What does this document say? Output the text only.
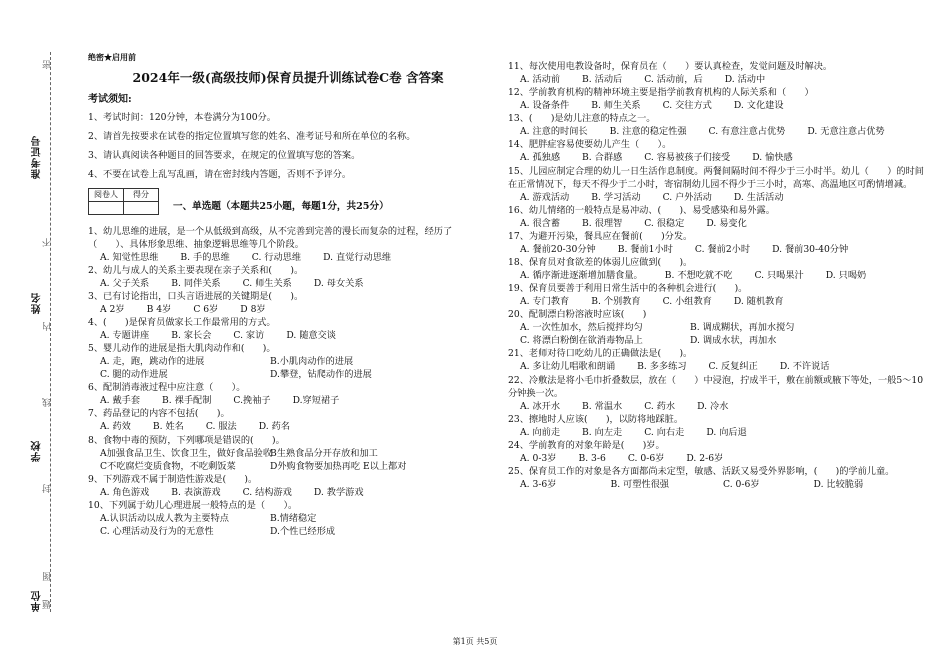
准考证号
姓名
学校
单位
密
不
内
线
封
图
题
绝密★启用前
2024年一级(高级技师)保育员提升训练试卷C卷 含答案
考试须知:

1、考试时间：120分钟，本卷满分为100分。

2、请首先按要求在试卷的指定位置填写您的姓名、准考证号和所在单位的名称。

3、请认真阅读各种题目的回答要求，在规定的位置填写您的答案。

4、不要在试卷上乱写乱画，请在密封线内答题，否则不予评分。

阅卷人	得分

一、单选题（本题共25小题，每题1分，共25分）
1、幼儿思维的进展，是一个从低级到高级，从不完善到完善的漫长而复杂的过程，经历了（　　）、具体形象思维、抽象逻辑思维等几个阶段。
A. 知觉性思维 B. 手的思维 C. 行动思维 D. 直觉行动思维
2、幼儿与成人的关系主要表现在亲子关系和(　　)。
A. 父子关系 B. 同伴关系 C. 师生关系 D. 母女关系
3、已有讨论指出，口头言语进展的关键期是(　　)。
A 2岁 B 4岁 C 6岁 D 8岁
4、(　　)是保育员做家长工作最常用的方式。
A. 专题讲座 B. 家长会 C. 家访 D. 随意交谈
5、婴儿动作的进展是指大肌肉动作和(　　)。
A. 走，跑，跳动作的进展	B.小肌肉动作的进展
C. 腿的动作进展	D.攀登，钻爬动作的进展
6、配制消毒液过程中应注意（　　）。
A. 戴手套 B. 裸手配制 C.挽袖子 D.穿短裙子
7、药品登记的内容不包括(　　)。
A. 药效 B. 姓名 C. 服法 D. 药名
8、食物中毒的预防，下列哪项是错误的(　　)。
A加强食品卫生、饮食卫生，做好食品验收
B生熟食品分开存放和加工
C不吃腐烂变质食物，不吃剩饭菜	D外购食物要加热再吃 E以上都对
9、下列游戏不属于制造性游戏是(　　)。
A. 角色游戏 B. 表演游戏 C. 结构游戏 D. 教学游戏
10、下列属于幼儿心理进展一般特点的是（　　）。
A.认识活动以成人教为主要特点	B.情绪稳定
C. 心理活动及行为的无意性	D.个性已经形成
11、每次使用电教设备时，保育员在（　　）要认真检查，发觉问题及时解决。
A. 活动前 B. 活动后 C. 活动前，后 D. 活动中
12、学前教育机构的精神环境主要是指学前教育机构的人际关系和（　　）
A. 设备条件 B. 师生关系 C. 交往方式 D. 文化建设
13、(　　)是幼儿注意的特点之一。
A. 注意的时间长 B. 注意的稳定性强 C. 有意注意占优势 D. 无意注意占优势
14、肥胖症容易使要幼儿产生（　　）。
A. 孤独感 B. 合群感 C. 容易被孩子们接受 D. 愉快感
15、儿园应制定合理的幼儿一日生活作息制度。两餐间隔时间不得少于三小时半。幼儿（　　）的时间在正常情况下，每天不得少于二小时，寄宿制幼儿园不得少于三小时，高寒、高温地区可酌情增减。
A. 游戏活动 B. 学习活动 C. 户外活动 D. 生活活动
16、幼儿情绪的一般特点是易冲动、(　　)、易受感染和易外露。
A. 很含蓄 B. 很理智 C. 很稳定 D. 易变化
17、为避开污染，餐具应在餐前(　　)分发。
A. 餐前20-30分钟 B. 餐前1小时 C. 餐前2小时 D. 餐前30-40分钟
18、保育员对食欲差的体弱儿应做到(　　)。
A. 循序渐进逐渐增加膳食量。 B. 不想吃就不吃 C. 只喝果汁 D. 只喝奶
19、保育员要善于利用日常生活中的各种机会进行(　　)。
A. 专门教育 B. 个别教育 C. 小组教育 D. 随机教育
20、配制漂白粉溶液时应该(　　)
A. 一次性加水，然后搅拌均匀	B. 调成糊状，再加水搅匀
C. 将漂白粉倒在欲消毒物品上	D. 调成水状，再加水
21、老师对待口吃幼儿的正确做法是(　　)。
A. 多让幼儿唱歌和朗诵 B. 多多练习 C. 反复纠正 D. 不许说话
22、冷敷法是将小毛巾折叠数层，放在（　　）中浸泡，拧成半干，敷在前额或腋下等处，一般5～10分钟换一次。
A. 冰开水 B. 常温水 C. 药水 D. 冷水
23、擦地时人应该(　　)，以防将地踩脏。
A. 向前走 B. 向左走 C. 向右走 D. 向后退
24、学前教育的对象年龄是(　　)岁。
A. 0-3岁 B. 3-6 C. 0-6岁 D. 2-6岁
25、保育员工作的对象是各方面都尚未定型，敏感、活跃又易受外界影响，(　　)的学前儿童。
A. 3-6岁	B. 可塑性很强	C. 0-6岁	D. 比较脆弱
第1页 共5页
